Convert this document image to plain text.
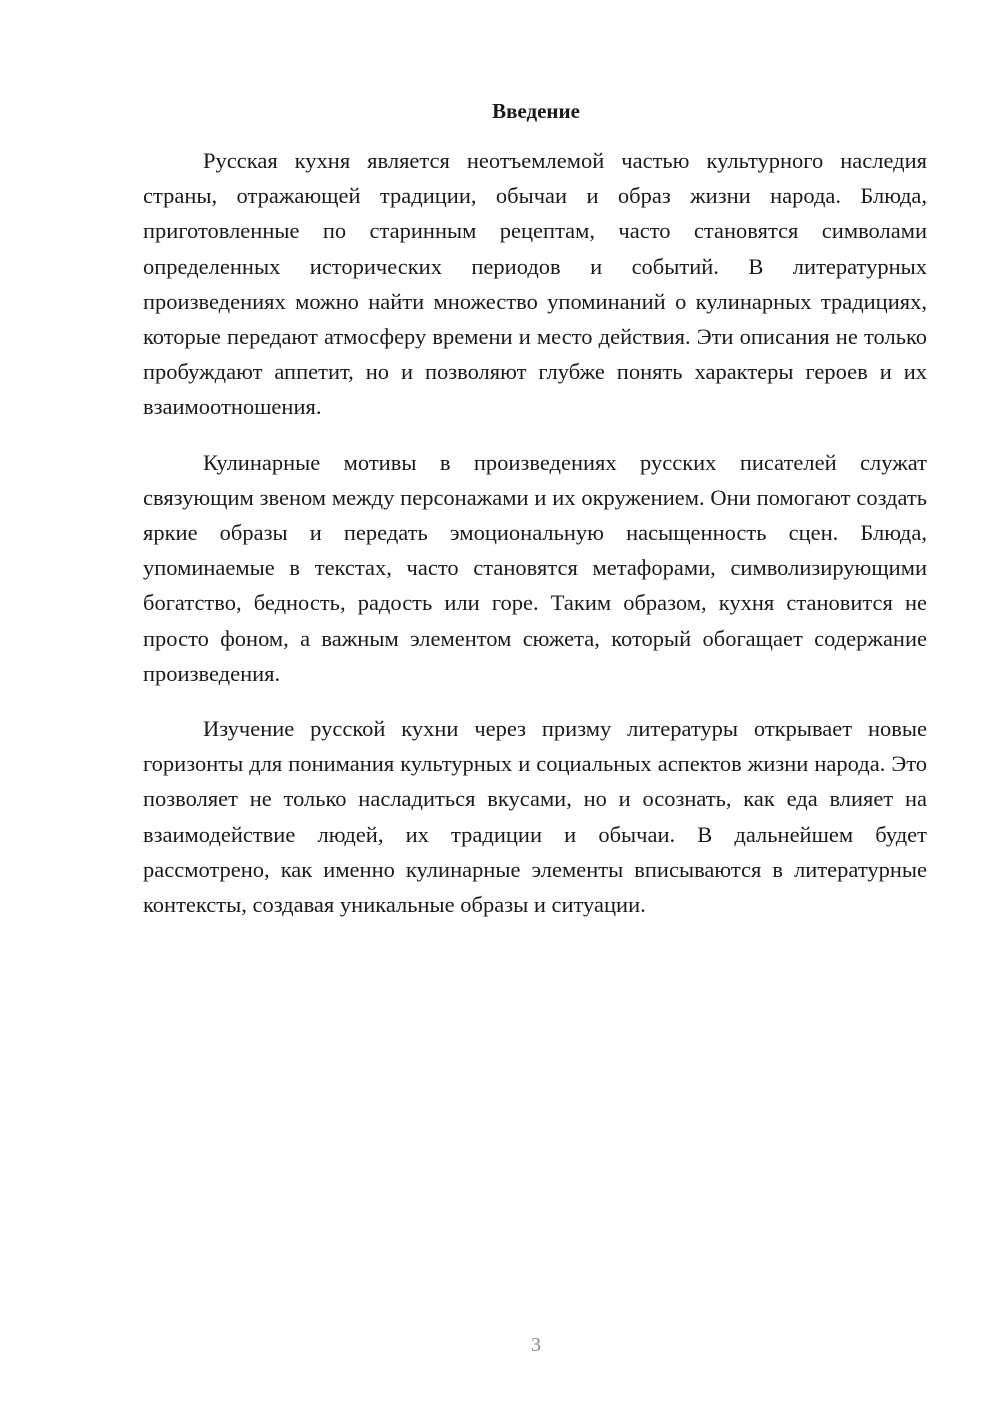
Введение

Русская кухня является неотъемлемой частью культурного наследия страны, отражающей традиции, обычаи и образ жизни народа. Блюда, приготовленные по старинным рецептам, часто становятся символами определенных исторических периодов и событий. В литературных произведениях можно найти множество упоминаний о кулинарных традициях, которые передают атмосферу времени и место действия. Эти описания не только пробуждают аппетит, но и позволяют глубже понять характеры героев и их взаимоотношения.

Кулинарные мотивы в произведениях русских писателей служат связующим звеном между персонажами и их окружением. Они помогают создать яркие образы и передать эмоциональную насыщенность сцен. Блюда, упоминаемые в текстах, часто становятся метафорами, символизирующими богатство, бедность, радость или горе. Таким образом, кухня становится не просто фоном, а важным элементом сюжета, который обогащает содержание произведения.

Изучение русской кухни через призму литературы открывает новые горизонты для понимания культурных и социальных аспектов жизни народа. Это позволяет не только насладиться вкусами, но и осознать, как еда влияет на взаимодействие людей, их традиции и обычаи. В дальнейшем будет рассмотрено, как именно кулинарные элементы вписываются в литературные контексты, создавая уникальные образы и ситуации.

3
